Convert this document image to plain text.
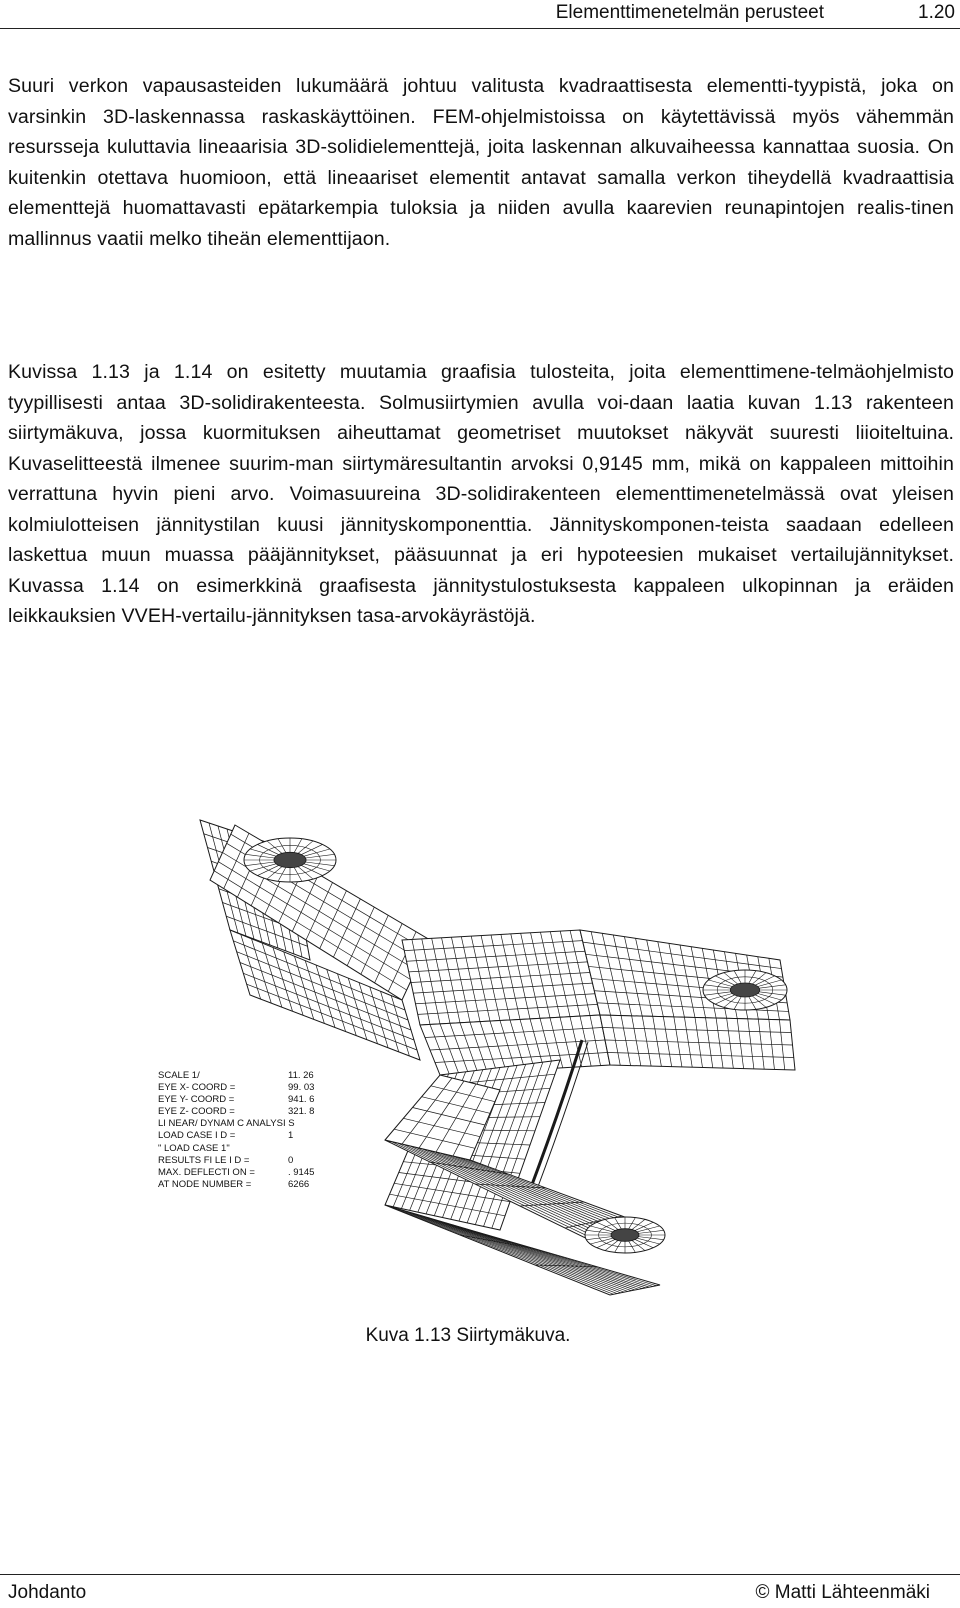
Elementtimenetelmän perusteet	1.20

Suuri verkon vapausasteiden lukumäärä johtuu valitusta kvadraattisesta elementti-tyypistä, joka on varsinkin 3D-laskennassa raskaskäyttöinen. FEM-ohjelmistoissa on käytettävissä myös vähemmän resursseja kuluttavia lineaarisia 3D-solidielementtejä, joita laskennan alkuvaiheessa kannattaa suosia. On kuitenkin otettava huomioon, että lineaariset elementit antavat samalla verkon tiheydellä kvadraattisia elementtejä huomattavasti epätarkempia tuloksia ja niiden avulla kaarevien reunapintojen realis-tinen mallinnus vaatii melko tiheän elementtijaon.

Kuvissa 1.13 ja 1.14 on esitetty muutamia graafisia tulosteita, joita elementtimene-telmäohjelmisto tyypillisesti antaa 3D-solidirakenteesta. Solmusiirtymien avulla voi-daan laatia kuvan 1.13 rakenteen siirtymäkuva, jossa kuormituksen aiheuttamat geometriset muutokset näkyvät suuresti liioiteltuina. Kuvaselitteestä ilmenee suurim-man siirtymäresultantin arvoksi 0,9145 mm, mikä on kappaleen mittoihin verrattuna hyvin pieni arvo. Voimasuureina 3D-solidirakenteen elementtimenetelmässä ovat yleisen kolmiulotteisen jännitystilan kuusi jännityskomponenttia. Jännityskomponen-teista saadaan edelleen laskettua muun muassa pääjännitykset, pääsuunnat ja eri hypoteesien mukaiset vertailujännitykset. Kuvassa 1.14 on esimerkkinä graafisesta jännitystulostuksesta kappaleen ulkopinnan ja eräiden leikkauksien VVEH-vertailu-jännityksen tasa-arvokäyrästöjä.

SCALE 1/	11. 26
EYE X- COORD =	99. 03
EYE Y- COORD =	941. 6
EYE Z- COORD =	321. 8
LI NEAR/ DYNAM C ANALYSI S
LOAD CASE I D =	1
" LOAD CASE 1"
RESULTS FI LE I D =	0
MAX. DEFLECTI ON =	. 9145
AT NODE NUMBER =	6266
Kuva 1.13 Siirtymäkuva.
Johdanto	© Matti Lähteenmäki
